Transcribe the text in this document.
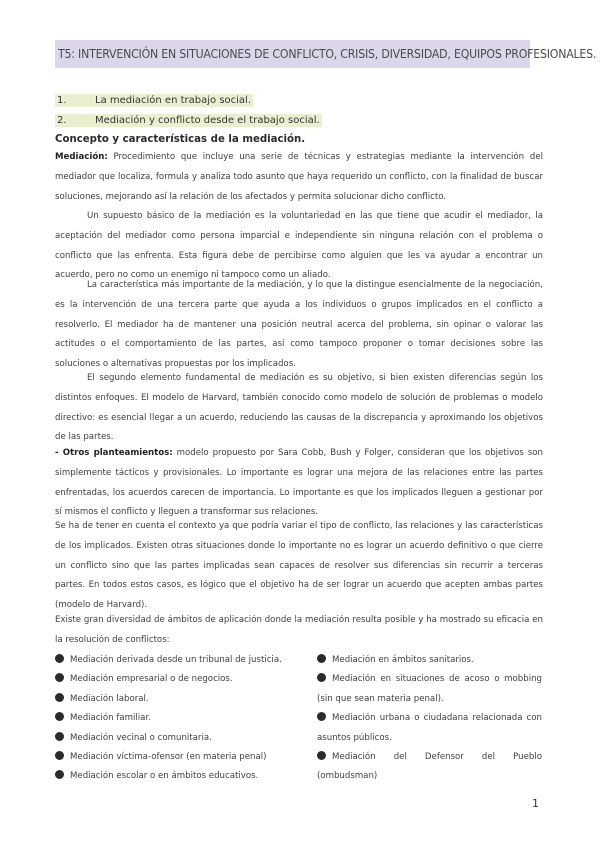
T5: INTERVENCIÓN EN SITUACIONES DE CONFLICTO, CRISIS, DIVERSIDAD, EQUIPOS PROFESIONALES.
1.	La mediación en trabajo social.
2.	Mediación y conflicto desde el trabajo social.
Concepto y características de la mediación.
Mediación: Procedimiento que incluye una serie de técnicas y estrategias mediante la intervención del mediador que localiza, formula y analiza todo asunto que haya requerido un conflicto, con la finalidad de buscar soluciones, mejorando así la relación de los afectados y permita solucionar dicho conflicto.
Un supuesto básico de la mediación es la voluntariedad en las que tiene que acudir el mediador, la aceptación del mediador como persona imparcial e independiente sin ninguna relación con el problema o conflicto que las enfrenta. Esta figura debe de percibirse como alguien que les va ayudar a encontrar un acuerdo, pero no como un enemigo ni tampoco como un aliado.
La característica más importante de la mediación, y lo que la distingue esencialmente de la negociación, es la intervención de una tercera parte que ayuda a los individuos o grupos implicados en el conflicto a resolverlo. El mediador ha de mantener una posición neutral acerca del problema, sin opinar o valorar las actitudes o el comportamiento de las partes, así como tampoco proponer o tomar decisiones sobre las soluciones o alternativas propuestas por los implicados.
El segundo elemento fundamental de mediación es su objetivo, si bien existen diferencias según los distintos enfoques. El modelo de Harvard, también conocido como modelo de solución de problemas o modelo directivo: es esencial llegar a un acuerdo, reduciendo las causas de la discrepancia y aproximando los objetivos de las partes.
- Otros planteamientos: modelo propuesto por Sara Cobb, Bush y Folger, consideran que los objetivos son simplemente tácticos y provisionales. Lo importante es lograr una mejora de las relaciones entre las partes enfrentadas, los acuerdos carecen de importancia. Lo importante es que los implicados lleguen a gestionar por sí mismos el conflicto y lleguen a transformar sus relaciones.
Se ha de tener en cuenta el contexto ya que podría variar el tipo de conflicto, las relaciones y las características de los implicados. Existen otras situaciones donde lo importante no es lograr un acuerdo definitivo o que cierre un conflicto sino que las partes implicadas sean capaces de resolver sus diferencias sin recurrir a terceras partes. En todos estos casos, es lógico que el objetivo ha de ser lograr un acuerdo que acepten ambas partes (modelo de Harvard).
Existe gran diversidad de ámbitos de aplicación donde la mediación resulta posible y ha mostrado su eficacia en la resolución de conflictos:
Mediación derivada desde un tribunal de justicia.
Mediación empresarial o de negocios.
Mediación laboral.
Mediación familiar.
Mediación vecinal o comunitaria.
Mediación víctima-ofensor (en materia penal)
Mediación escolar o en ámbitos educativos.
Mediación en ámbitos sanitarios.
Mediación en situaciones de acoso o mobbing (sin que sean materia penal).
Mediación urbana o ciudadana relacionada con asuntos públicos.
Mediación del Defensor del Pueblo (ombudsman)
1
